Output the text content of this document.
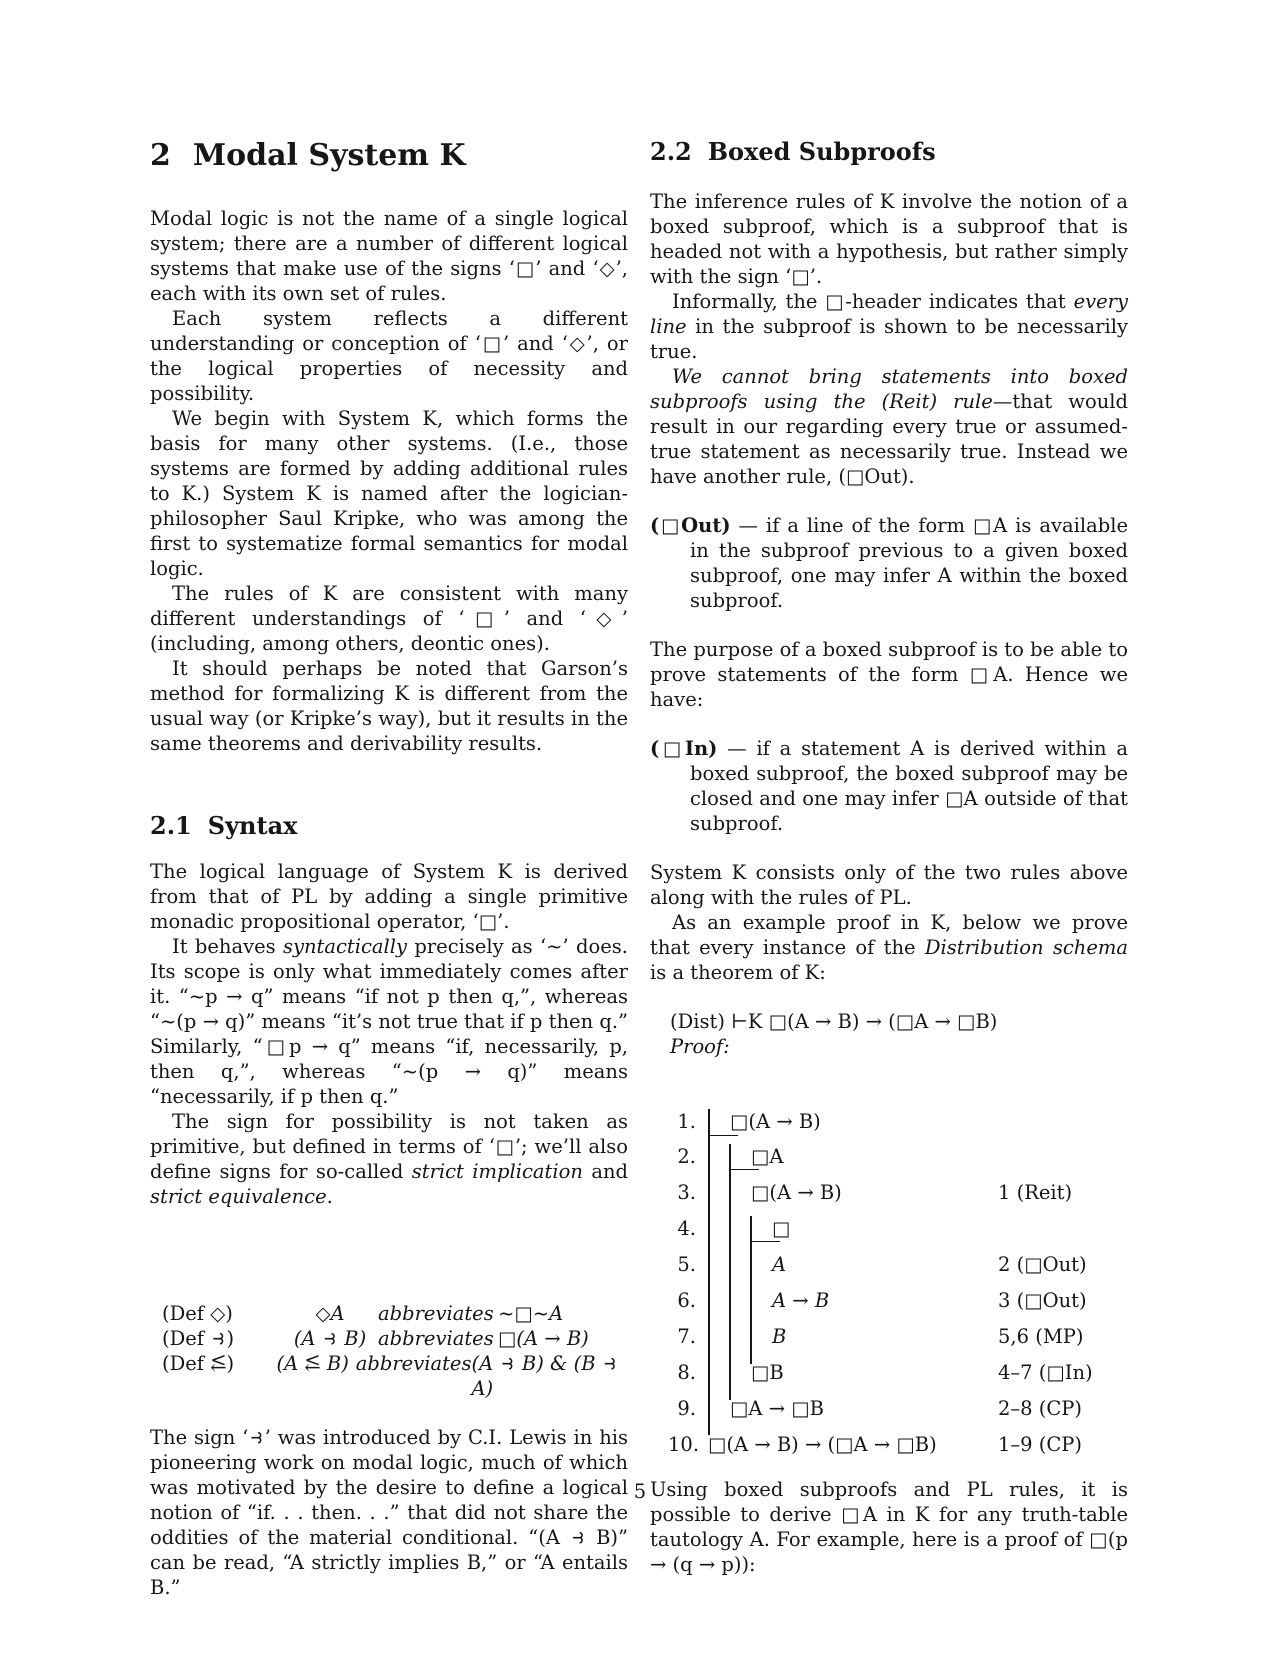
2 Modal System K

Modal logic is not the name of a single logical system; there are a number of different logical systems that make use of the signs ‘□’ and ‘◇’, each with its own set of rules.

Each system reflects a different understanding or conception of ‘□’ and ‘◇’, or the logical properties of necessity and possibility.

We begin with System K, which forms the basis for many other systems. (I.e., those systems are formed by adding additional rules to K.) System K is named after the logician-philosopher Saul Kripke, who was among the first to systematize formal semantics for modal logic.

The rules of K are consistent with many different understandings of ‘□’ and ‘◇’ (including, among others, deontic ones).

It should perhaps be noted that Garson’s method for formalizing K is different from the usual way (or Kripke’s way), but it results in the same theorems and derivability results.

2.1 Syntax

The logical language of System K is derived from that of PL by adding a single primitive monadic propositional operator, ‘□’.

It behaves syntactically precisely as ‘~’ does. Its scope is only what immediately comes after it. “~p → q” means “if not p then q,”, whereas “~(p → q)” means “it’s not true that if p then q.” Similarly, “□p → q” means “if, necessarily, p, then q,”, whereas “~(p → q)” means “necessarily, if p then q.”

The sign for possibility is not taken as primitive, but defined in terms of ‘□’; we’ll also define signs for so-called strict implication and strict equivalence.

(Def ◇)	◇A	abbreviates ~□~A
(Def ⥽)	(A ⥽ B) abbreviates □(A → B)
(Def ⥶)	(A ⥶ B) abbreviates (A ⥽ B) & (B ⥽ A)

The sign ‘⥽’ was introduced by C.I. Lewis in his pioneering work on modal logic, much of which was motivated by the desire to define a logical notion of “if. . . then. . .” that did not share the oddities of the material conditional. “(A ⥽ B)” can be read, “A strictly implies B,” or “A entails B.”

2.2 Boxed Subproofs

The inference rules of K involve the notion of a boxed subproof, which is a subproof that is headed not with a hypothesis, but rather simply with the sign ‘□’.

Informally, the □-header indicates that every line in the subproof is shown to be necessarily true.

We cannot bring statements into boxed subproofs using the (Reit) rule—that would result in our regarding every true or assumed-true statement as necessarily true. Instead we have another rule, (□Out).

(□Out) — if a line of the form □A is available in the subproof previous to a given boxed subproof, one may infer A within the boxed subproof.

The purpose of a boxed subproof is to be able to prove statements of the form □A. Hence we have:

(□In) — if a statement A is derived within a boxed subproof, the boxed subproof may be closed and one may infer □A outside of that subproof.

System K consists only of the two rules above along with the rules of PL.

As an example proof in K, below we prove that every instance of the Distribution schema is a theorem of K:

(Dist) ⊢K □(A → B) → (□A → □B)
Proof:
1. □(A → B)
2.	□A
3.	□(A → B)	1 (Reit)
4.	□
5.	A	2 (□Out)
6.	A → B	3 (□Out)
7.	B	5,6 (MP)
8.	□B	4–7 (□In)
9. □A → □B	2–8 (CP)
10. □(A → B) → (□A → □B)	1–9 (CP)

Using boxed subproofs and PL rules, it is possible to derive □A in K for any truth-table tautology A. For example, here is a proof of □(p → (q → p)):

5
